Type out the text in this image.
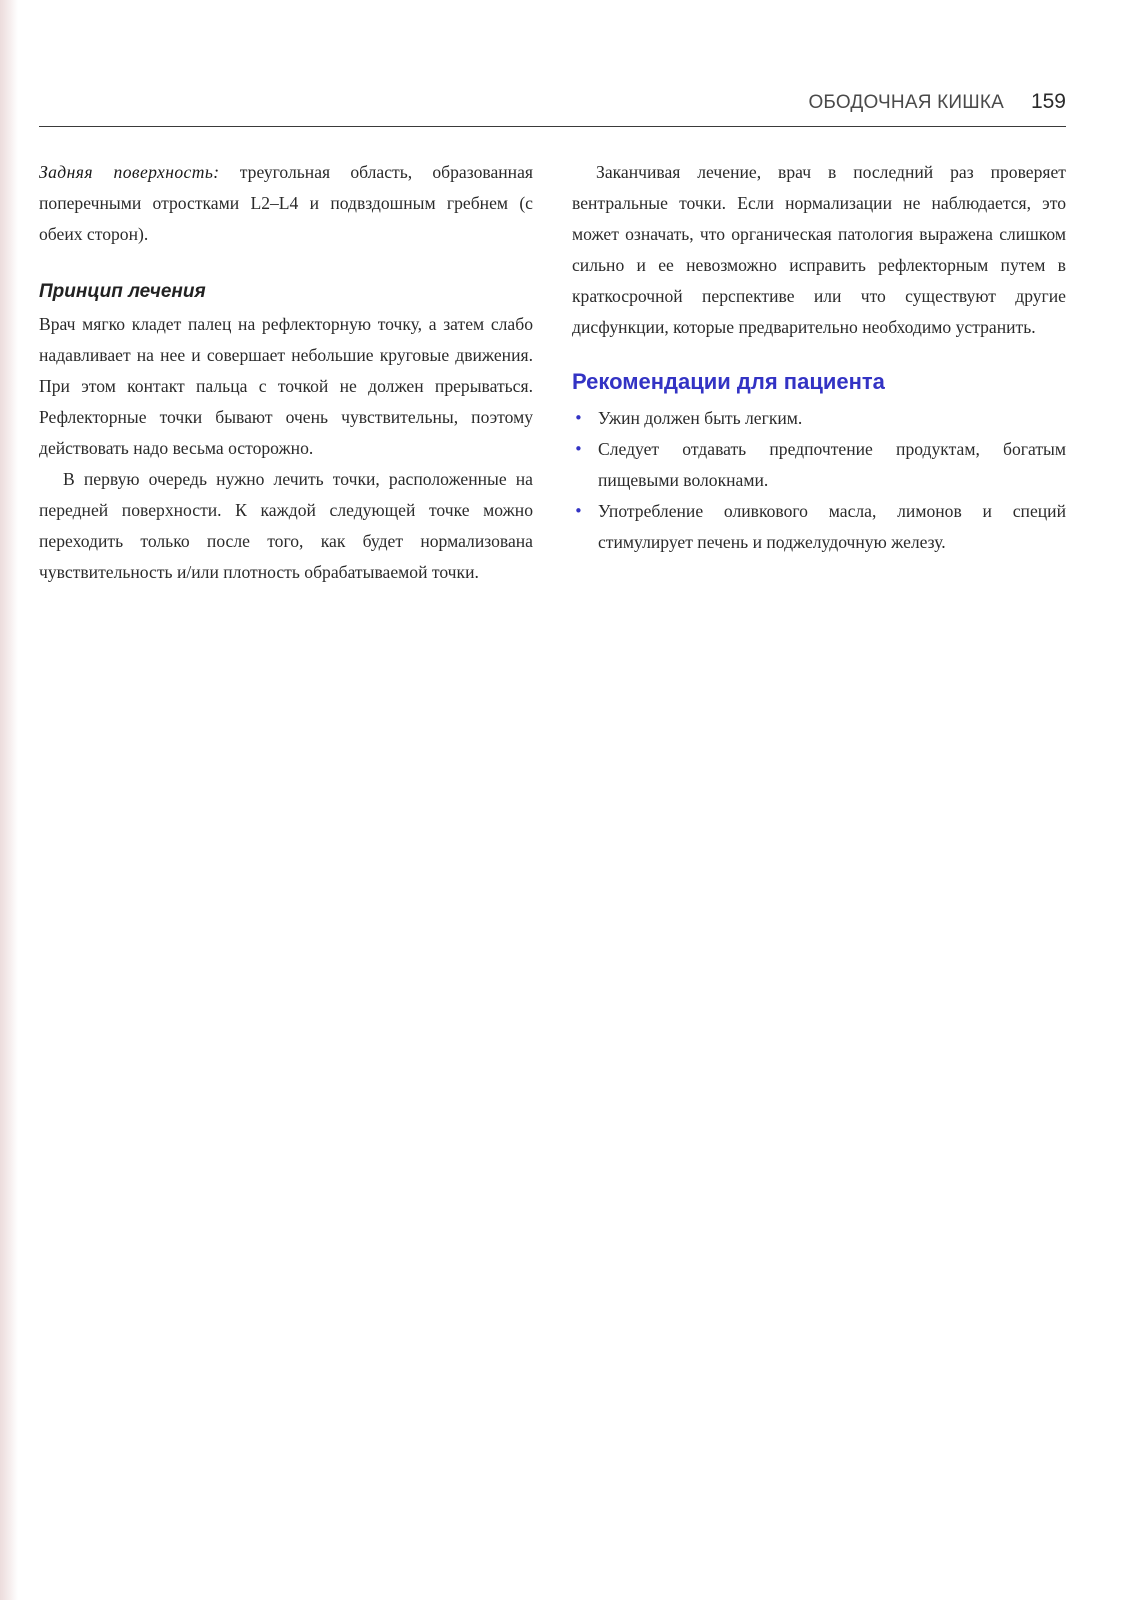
ОБОДОЧНАЯ КИШКА 159

Задняя поверхность: треугольная область, образованная поперечными отростками L2–L4 и подвздошным гребнем (с обеих сторон).

Принцип лечения

Врач мягко кладет палец на рефлекторную точку, а затем слабо надавливает на нее и совершает небольшие круговые движения. При этом контакт пальца с точкой не должен прерываться. Рефлекторные точки бывают очень чувствительны, поэтому действовать надо весьма осторожно.

В первую очередь нужно лечить точки, расположенные на передней поверхности. К каждой следующей точке можно переходить только после того, как будет нормализована чувствительность и/или плотность обрабатываемой точки.

Заканчивая лечение, врач в последний раз проверяет вентральные точки. Если нормализации не наблюдается, это может означать, что органическая патология выражена слишком сильно и ее невозможно исправить рефлекторным путем в краткосрочной перспективе или что существуют другие дисфункции, которые предварительно необходимо устранить.

Рекомендации для пациента
• Ужин должен быть легким.
• Следует отдавать предпочтение продуктам, богатым пищевыми волокнами.
• Употребление оливкового масла, лимонов и специй стимулирует печень и поджелудочную железу.
